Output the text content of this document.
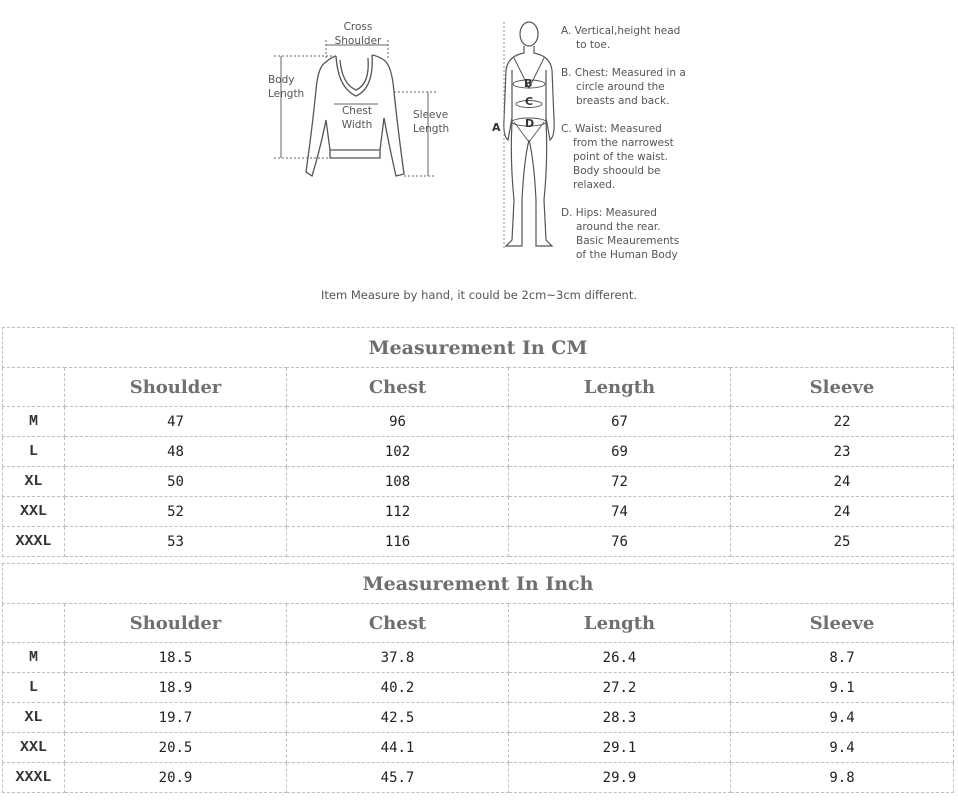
Cross
Shoulder
Body
Length
Chest
Width
Sleeve
Length	A
B
C
D
A. Vertical,height head
to toe.
B. Chest: Measured in a
circle around the
breasts and back.
C. Waist: Measured
from the narrowest
point of the waist.
Body shoould be
relaxed.
D. Hips: Measured
around the rear.
Basic Meaurements
of the Human Body
Item Measure by hand, it could be 2cm~3cm different.
Measurement In CM				
	Shoulder	Chest	Length	Sleeve
M	47	96	67	22
L	48	102	69	23
XL	50	108	72	24
XXL	52	112	74	24
XXXL	53	116	76	25
Measurement In Inch				
	Shoulder	Chest	Length	Sleeve
M	18.5	37.8	26.4	8.7
L	18.9	40.2	27.2	9.1
XL	19.7	42.5	28.3	9.4
XXL	20.5	44.1	29.1	9.4
XXXL	20.9	45.7	29.9	9.8
